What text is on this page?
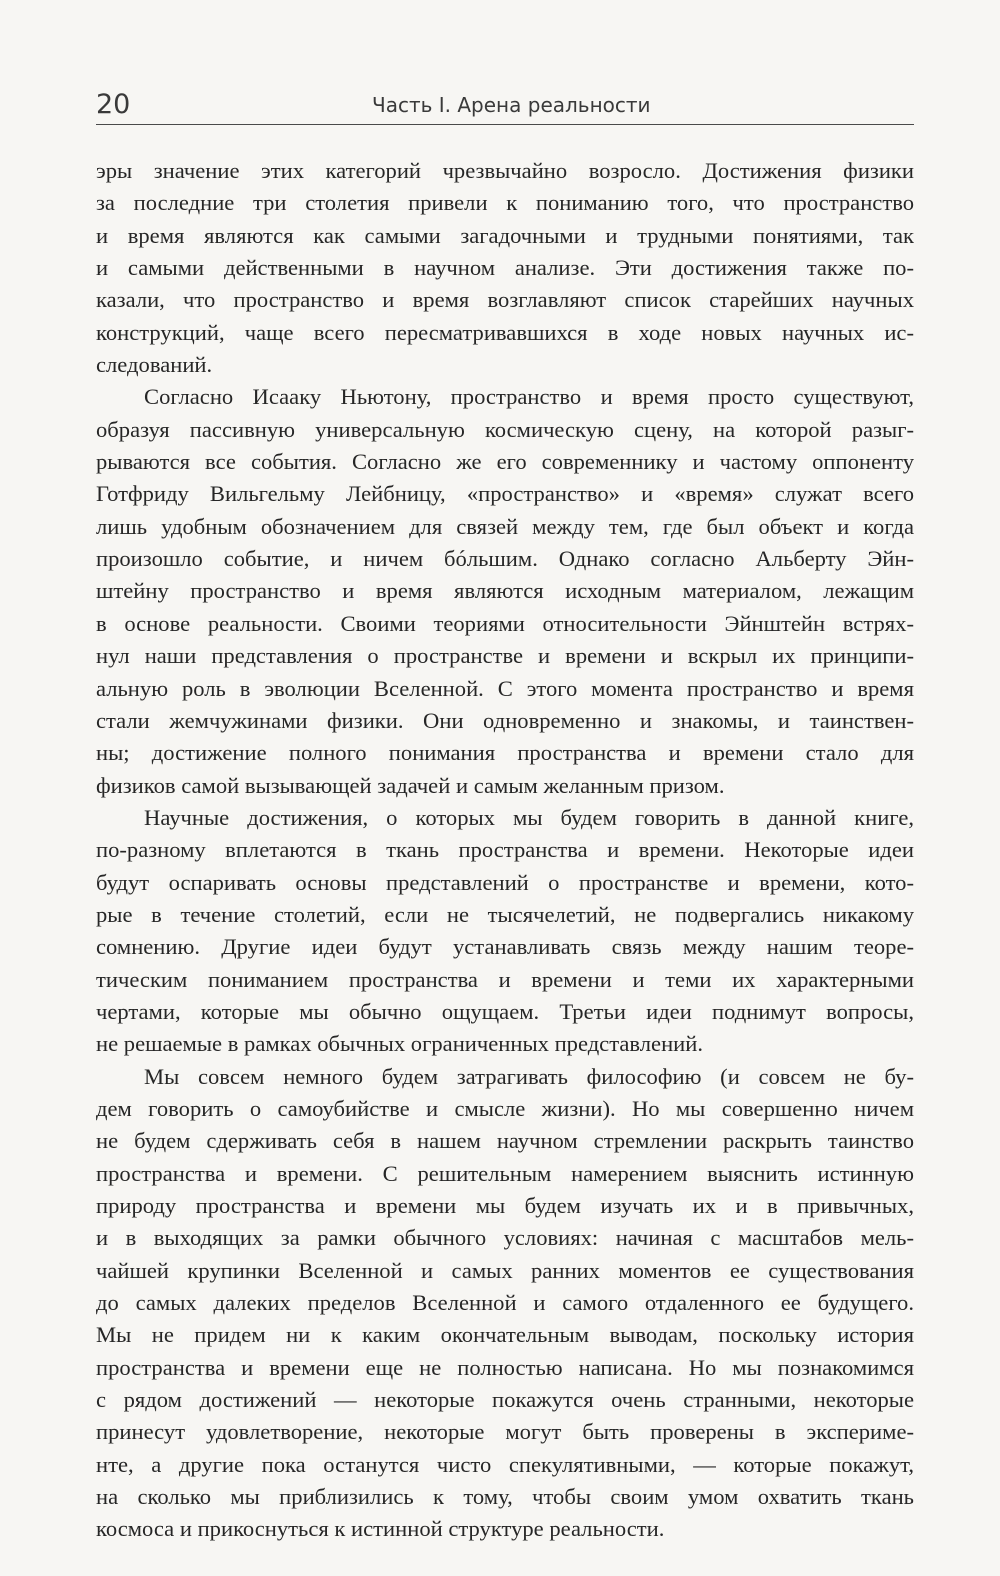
20	Часть I. Арена реальности
эры значение этих категорий чрезвычайно возросло. Достижения физики
за последние три столетия привели к пониманию того, что пространство
и время являются как самыми загадочными и трудными понятиями, так
и самыми действенными в научном анализе. Эти достижения также по-
казали, что пространство и время возглавляют список старейших научных
конструкций, чаще всего пересматривавшихся в ходе новых научных ис-
следований.
Согласно Исааку Ньютону, пространство и время просто существуют,
образуя пассивную универсальную космическую сцену, на которой разыг-
рываются все события. Согласно же его современнику и частому оппоненту
Готфриду Вильгельму Лейбницу, «пространство» и «время» служат всего
лишь удобным обозначением для связей между тем, где был объект и когда
произошло событие, и ничем бóльшим. Однако согласно Альберту Эйн-
штейну пространство и время являются исходным материалом, лежащим
в основе реальности. Своими теориями относительности Эйнштейн встрях-
нул наши представления о пространстве и времени и вскрыл их принципи-
альную роль в эволюции Вселенной. С этого момента пространство и время
стали жемчужинами физики. Они одновременно и знакомы, и таинствен-
ны; достижение полного понимания пространства и времени стало для
физиков самой вызывающей задачей и самым желанным призом.
Научные достижения, о которых мы будем говорить в данной книге,
по-разному вплетаются в ткань пространства и времени. Некоторые идеи
будут оспаривать основы представлений о пространстве и времени, кото-
рые в течение столетий, если не тысячелетий, не подвергались никакому
сомнению. Другие идеи будут устанавливать связь между нашим теоре-
тическим пониманием пространства и времени и теми их характерными
чертами, которые мы обычно ощущаем. Третьи идеи поднимут вопросы,
не решаемые в рамках обычных ограниченных представлений.
Мы совсем немного будем затрагивать философию (и совсем не бу-
дем говорить о самоубийстве и смысле жизни). Но мы совершенно ничем
не будем сдерживать себя в нашем научном стремлении раскрыть таинство
пространства и времени. С решительным намерением выяснить истинную
природу пространства и времени мы будем изучать их и в привычных,
и в выходящих за рамки обычного условиях: начиная с масштабов мель-
чайшей крупинки Вселенной и самых ранних моментов ее существования
до самых далеких пределов Вселенной и самого отдаленного ее будущего.
Мы не придем ни к каким окончательным выводам, поскольку история
пространства и времени еще не полностью написана. Но мы познакомимся
с рядом достижений — некоторые покажутся очень странными, некоторые
принесут удовлетворение, некоторые могут быть проверены в экспериме-
нте, а другие пока останутся чисто спекулятивными, — которые покажут,
на сколько мы приблизились к тому, чтобы своим умом охватить ткань
космоса и прикоснуться к истинной структуре реальности.
